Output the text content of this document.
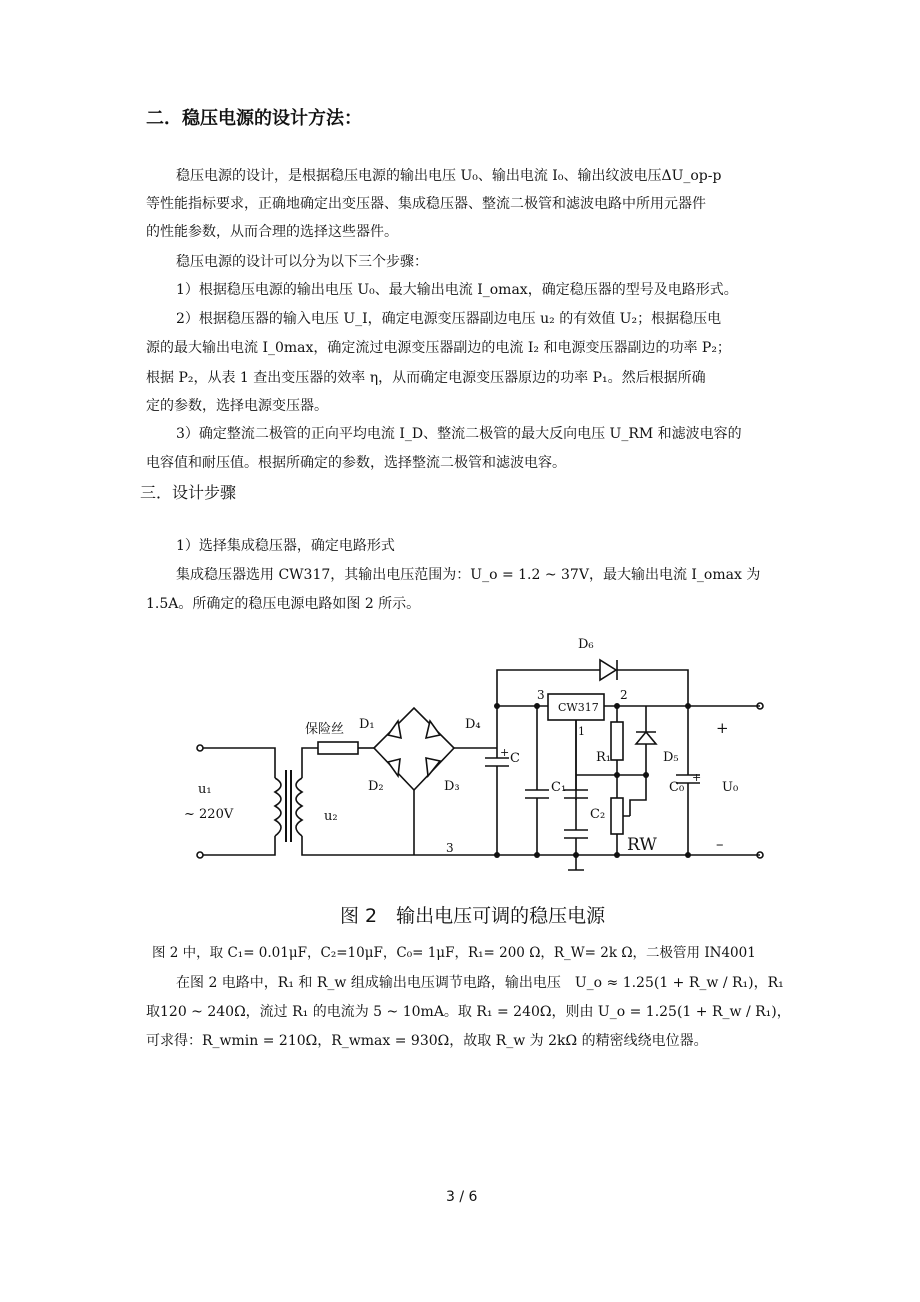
二．稳压电源的设计方法：
稳压电源的设计，是根据稳压电源的输出电压 U₀、输出电流 I₀、输出纹波电压ΔU_op-p
等性能指标要求，正确地确定出变压器、集成稳压器、整流二极管和滤波电路中所用元器件
的性能参数，从而合理的选择这些器件。
稳压电源的设计可以分为以下三个步骤：
1）根据稳压电源的输出电压 U₀、最大输出电流 I_omax，确定稳压器的型号及电路形式。
2）根据稳压器的输入电压 U_I，确定电源变压器副边电压 u₂ 的有效值 U₂；根据稳压电
源的最大输出电流 I_0max，确定流过电源变压器副边的电流 I₂ 和电源变压器副边的功率 P₂；
根据 P₂，从表 1 查出变压器的效率 η，从而确定电源变压器原边的功率 P₁。然后根据所确
定的参数，选择电源变压器。
3）确定整流二极管的正向平均电流 I_D、整流二极管的最大反向电压 U_RM 和滤波电容的
电容值和耐压值。根据所确定的参数，选择整流二极管和滤波电容。
三．设计步骤
1）选择集成稳压器，确定电路形式
集成稳压器选用 CW317，其输出电压范围为：U_o = 1.2 ~ 37V，最大输出电流 I_omax 为
1.5A。所确定的稳压电源电路如图 2 所示。
保险丝 D₁
D₂	D₃
D₄
D₅
D₆
u₁
~ 220V	u₂
C
C₁
C₂
C₀
R₁
RW
CW317
1
2
3
3
+
–
U₀
+
+
图 2　输出电压可调的稳压电源
图 2 中，取 C₁= 0.01μF，C₂=10μF，C₀= 1μF，R₁= 200 Ω，R_W= 2k Ω，二极管用 IN4001
在图 2 电路中，R₁ 和 R_w 组成输出电压调节电路，输出电压　U_o ≈ 1.25(1 + R_w / R₁)，R₁
取120 ~ 240Ω，流过 R₁ 的电流为 5 ~ 10mA。取 R₁ = 240Ω，则由 U_o = 1.25(1 + R_w / R₁)，
可求得：R_wmin = 210Ω，R_wmax = 930Ω，故取 R_w 为 2kΩ 的精密线绕电位器。
3 / 6
